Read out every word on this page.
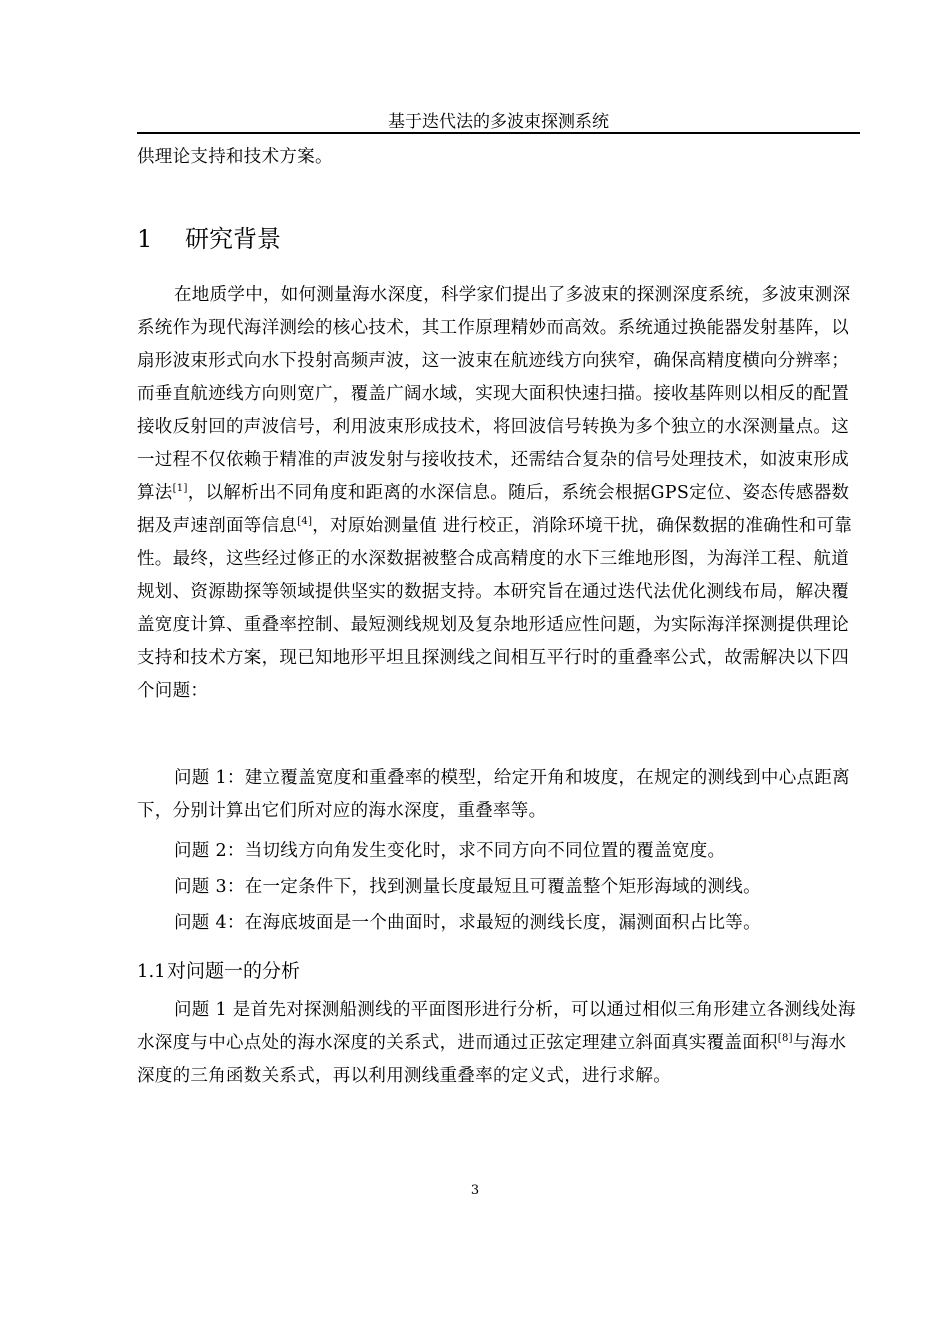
基于迭代法的多波束探测系统

供理论支持和技术方案。

1 研究背景

在地质学中，如何测量海水深度，科学家们提出了多波束的探测深度系统，多波束测深系统作为现代海洋测绘的核心技术，其工作原理精妙而高效。系统通过换能器发射基阵，以扇形波束形式向水下投射高频声波，这一波束在航迹线方向狭窄，确保高精度横向分辨率；而垂直航迹线方向则宽广，覆盖广阔水域，实现大面积快速扫描。接收基阵则以相反的配置接收反射回的声波信号，利用波束形成技术，将回波信号转换为多个独立的水深测量点。这一过程不仅依赖于精准的声波发射与接收技术，还需结合复杂的信号处理技术，如波束形成算法[1]，以解析出不同角度和距离的水深信息。随后，系统会根据GPS定位、姿态传感器数据及声速剖面等信息[4]，对原始测量值 进行校正，消除环境干扰，确保数据的准确性和可靠性。最终，这些经过修正的水深数据被整合成高精度的水下三维地形图，为海洋工程、航道规划、资源勘探等领域提供坚实的数据支持。本研究旨在通过迭代法优化测线布局，解决覆盖宽度计算、重叠率控制、最短测线规划及复杂地形适应性问题，为实际海洋探测提供理论支持和技术方案，现已知地形平坦且探测线之间相互平行时的重叠率公式，故需解决以下四个问题：

问题 1：建立覆盖宽度和重叠率的模型，给定开角和坡度，在规定的测线到中心点距离下，分别计算出它们所对应的海水深度，重叠率等。

问题 2：当切线方向角发生变化时，求不同方向不同位置的覆盖宽度。

问题 3：在一定条件下，找到测量长度最短且可覆盖整个矩形海域的测线。

问题 4：在海底坡面是一个曲面时，求最短的测线长度，漏测面积占比等。

1.1对问题一的分析

问题 1 是首先对探测船测线的平面图形进行分析，可以通过相似三角形建立各测线处海水深度与中心点处的海水深度的关系式，进而通过正弦定理建立斜面真实覆盖面积[8]与海水深度的三角函数关系式，再以利用测线重叠率的定义式，进行求解。

3
